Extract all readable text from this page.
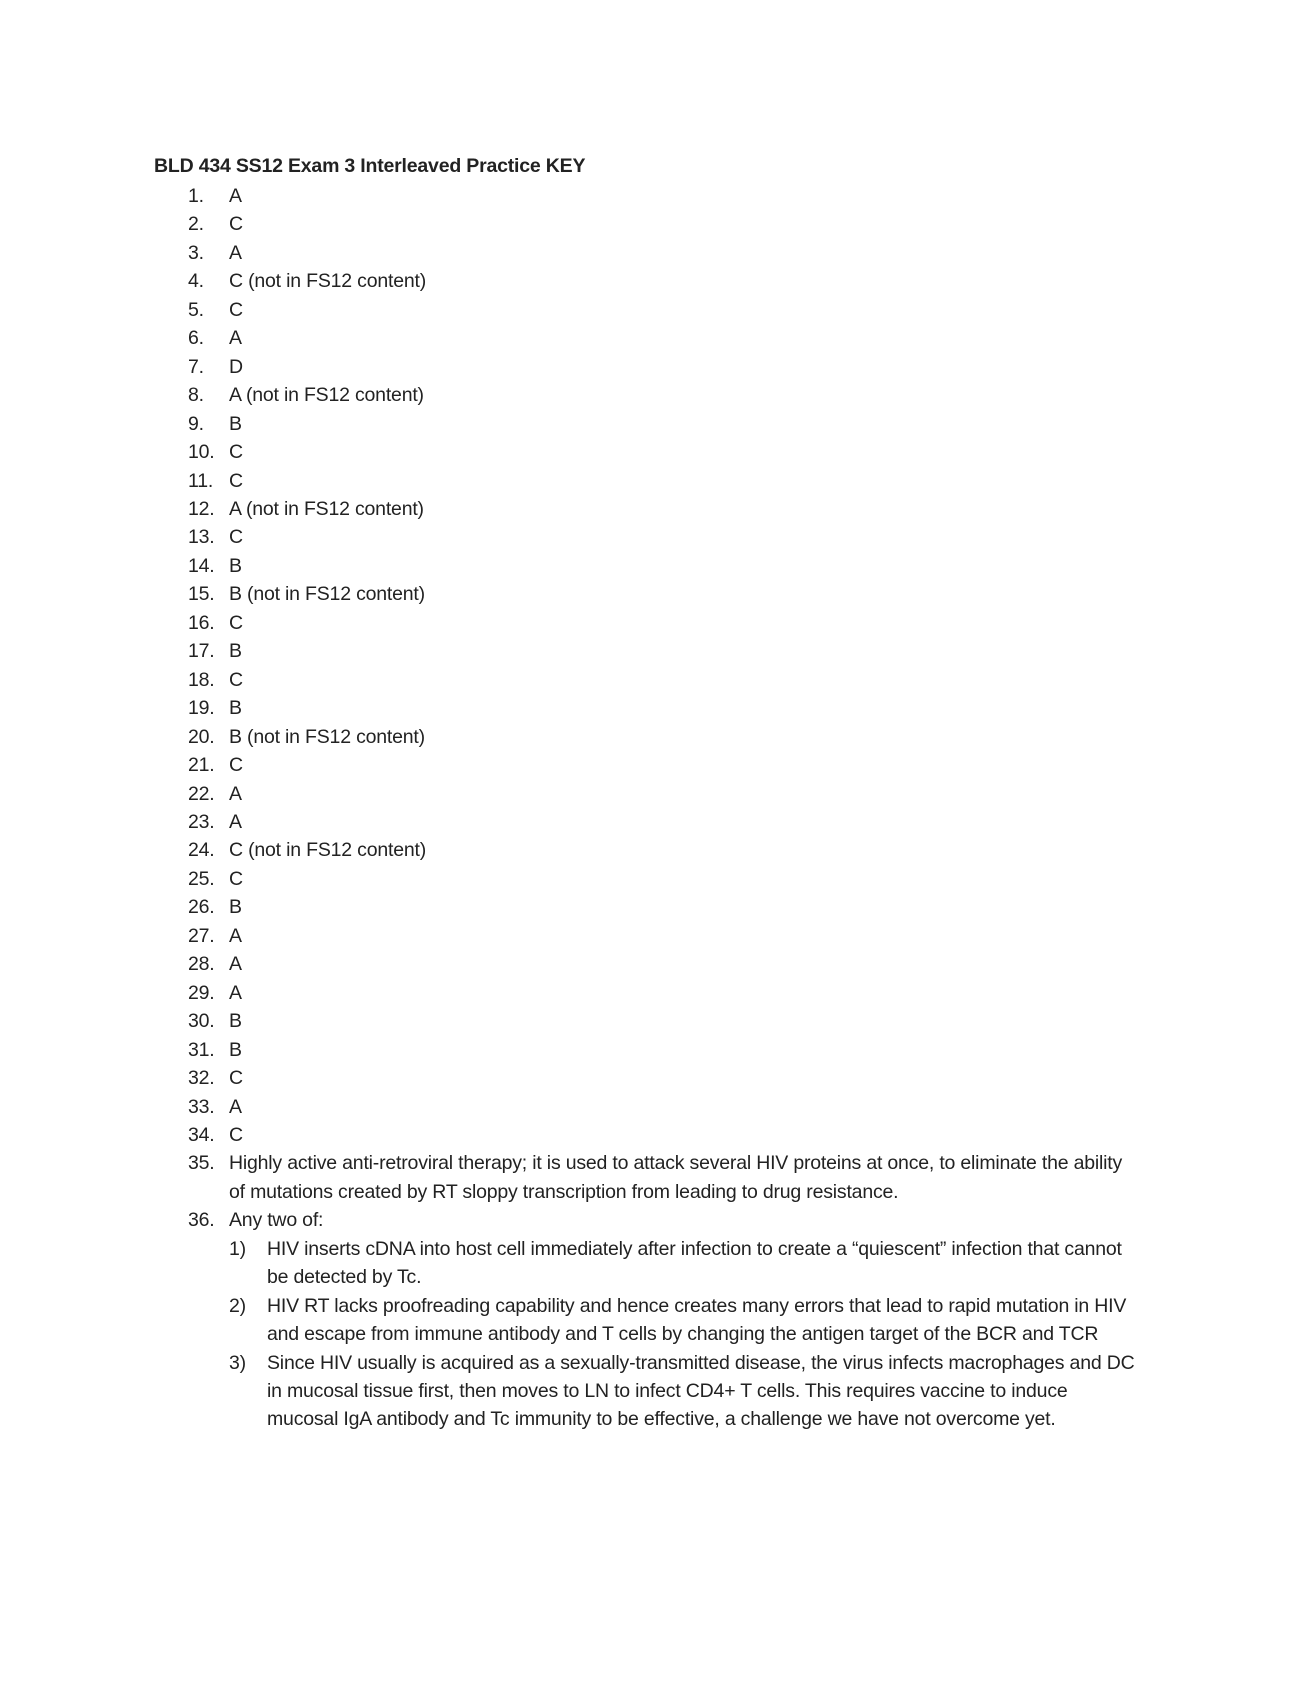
BLD 434 SS12 Exam 3 Interleaved Practice KEY
1. A
2. C
3. A
4. C (not in FS12 content)
5. C
6. A
7. D
8. A (not in FS12 content)
9. B
10. C
11. C
12. A (not in FS12 content)
13. C
14. B
15. B (not in FS12 content)
16. C
17. B
18. C
19. B
20. B (not in FS12 content)
21. C
22. A
23. A
24. C (not in FS12 content)
25. C
26. B
27. A
28. A
29. A
30. B
31. B
32. C
33. A
34. C
35. Highly active anti-retroviral therapy; it is used to attack several HIV proteins at once, to eliminate the ability of mutations created by RT sloppy transcription from leading to drug resistance.
36. Any two of:
1) HIV inserts cDNA into host cell immediately after infection to create a “quiescent” infection that cannot be detected by Tc.
2) HIV RT lacks proofreading capability and hence creates many errors that lead to rapid mutation in HIV and escape from immune antibody and T cells by changing the antigen target of the BCR and TCR
3) Since HIV usually is acquired as a sexually-transmitted disease, the virus infects macrophages and DC in mucosal tissue first, then moves to LN to infect CD4+ T cells. This requires vaccine to induce mucosal IgA antibody and Tc immunity to be effective, a challenge we have not overcome yet.
